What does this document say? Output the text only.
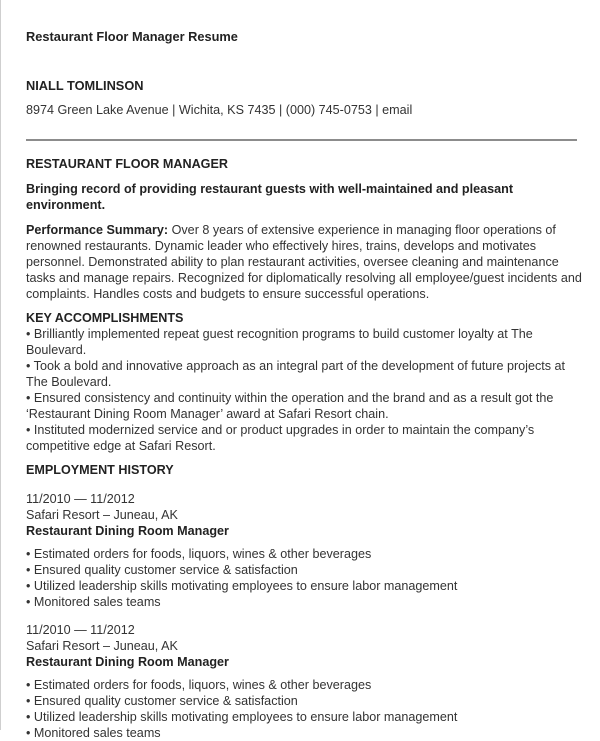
Restaurant Floor Manager Resume
NIALL TOMLINSON
8974 Green Lake Avenue | Wichita, KS 7435 | (000) 745-0753 | email

RESTAURANT FLOOR MANAGER

Bringing record of providing restaurant guests with well-maintained and pleasant environment.

Performance Summary: Over 8 years of extensive experience in managing floor operations of renowned restaurants. Dynamic leader who effectively hires, trains, develops and motivates personnel. Demonstrated ability to plan restaurant activities, oversee cleaning and maintenance tasks and manage repairs. Recognized for diplomatically resolving all employee/guest incidents and complaints. Handles costs and budgets to ensure successful operations.

KEY ACCOMPLISHMENTS

• Brilliantly implemented repeat guest recognition programs to build customer loyalty at The Boulevard.

• Took a bold and innovative approach as an integral part of the development of future projects at The Boulevard.

• Ensured consistency and continuity within the operation and the brand and as a result got the ‘Restaurant Dining Room Manager’ award at Safari Resort chain.

• Instituted modernized service and or product upgrades in order to maintain the company’s competitive edge at Safari Resort.

EMPLOYMENT HISTORY

11/2010 — 11/2012

Safari Resort – Juneau, AK

Restaurant Dining Room Manager

• Estimated orders for foods, liquors, wines & other beverages

• Ensured quality customer service & satisfaction

• Utilized leadership skills motivating employees to ensure labor management

• Monitored sales teams

11/2010 — 11/2012

Safari Resort – Juneau, AK

Restaurant Dining Room Manager

• Estimated orders for foods, liquors, wines & other beverages

• Ensured quality customer service & satisfaction

• Utilized leadership skills motivating employees to ensure labor management

• Monitored sales teams
